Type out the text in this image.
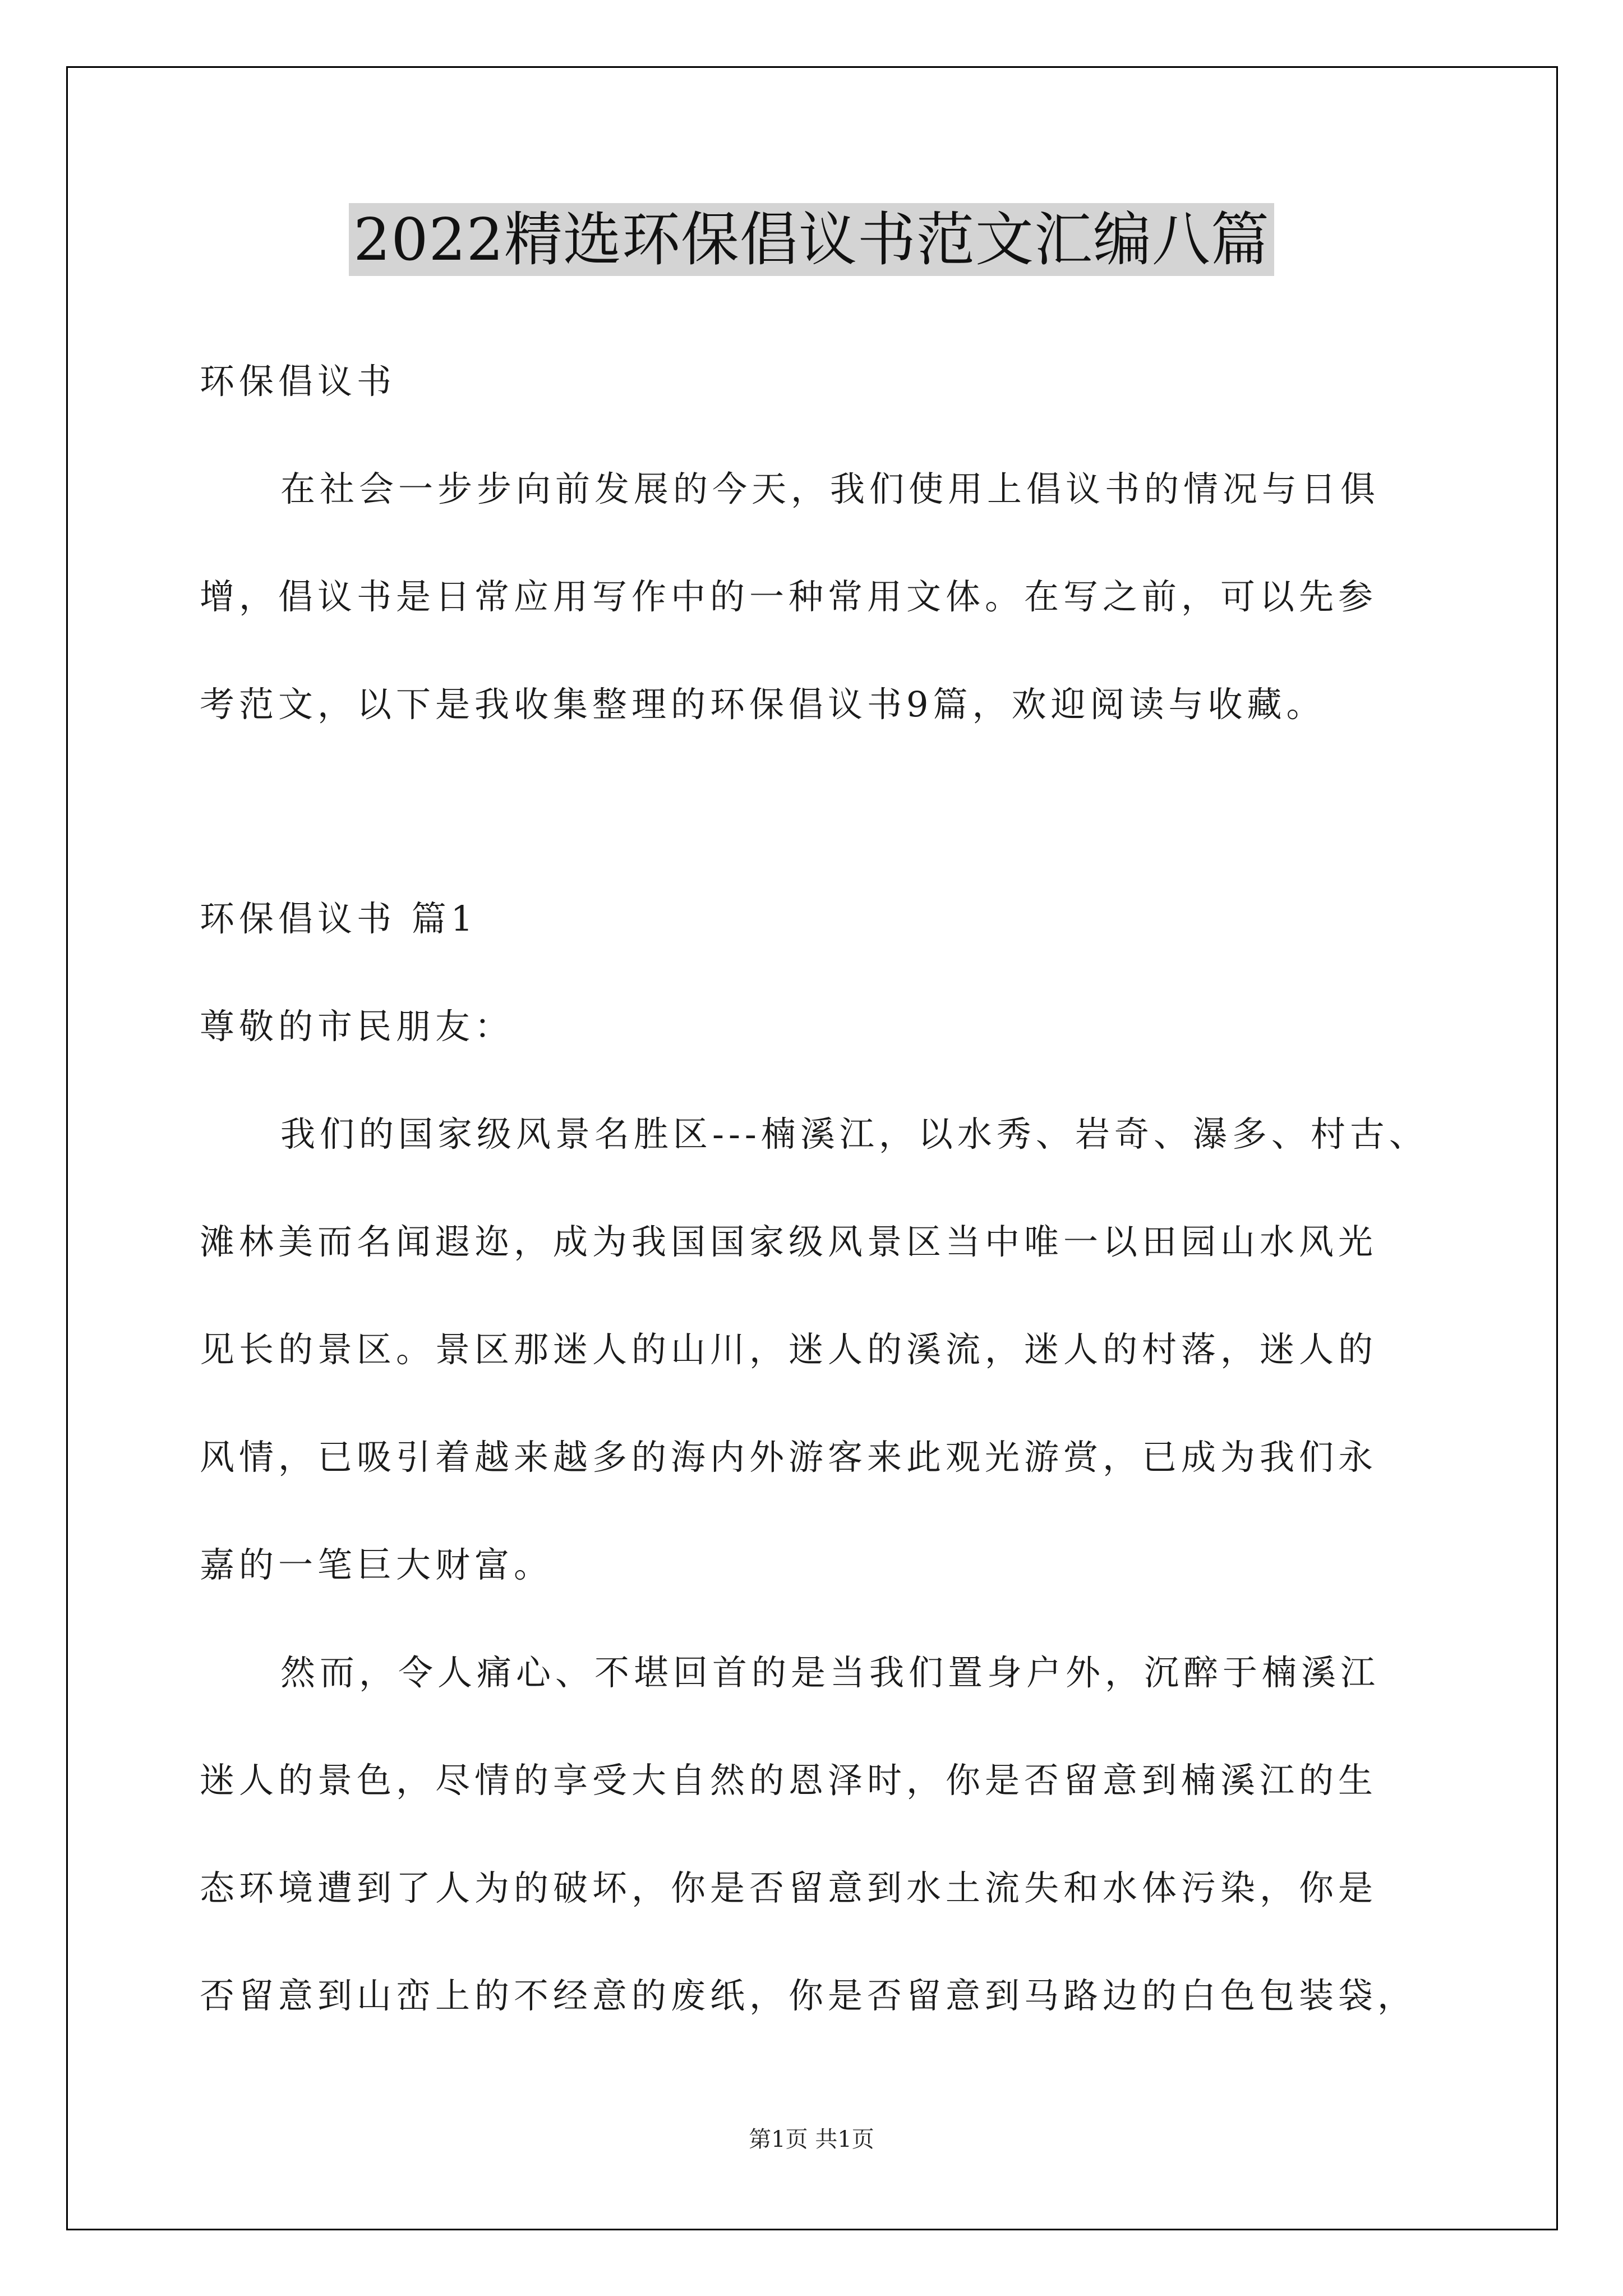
2022精选环保倡议书范文汇编八篇
环保倡议书
在社会一步步向前发展的今天，我们使用上倡议书的情况与日俱
增，倡议书是日常应用写作中的一种常用文体。在写之前，可以先参
考范文，以下是我收集整理的环保倡议书9篇，欢迎阅读与收藏。
环保倡议书 篇1
尊敬的市民朋友：
我们的国家级风景名胜区---楠溪江，以水秀、岩奇、瀑多、村古、
滩林美而名闻遐迩，成为我国国家级风景区当中唯一以田园山水风光
见长的景区。景区那迷人的山川，迷人的溪流，迷人的村落，迷人的
风情，已吸引着越来越多的海内外游客来此观光游赏，已成为我们永
嘉的一笔巨大财富。
然而，令人痛心、不堪回首的是当我们置身户外，沉醉于楠溪江
迷人的景色，尽情的享受大自然的恩泽时，你是否留意到楠溪江的生
态环境遭到了人为的破坏，你是否留意到水土流失和水体污染，你是
否留意到山峦上的不经意的废纸，你是否留意到马路边的白色包装袋，
第1页 共1页
